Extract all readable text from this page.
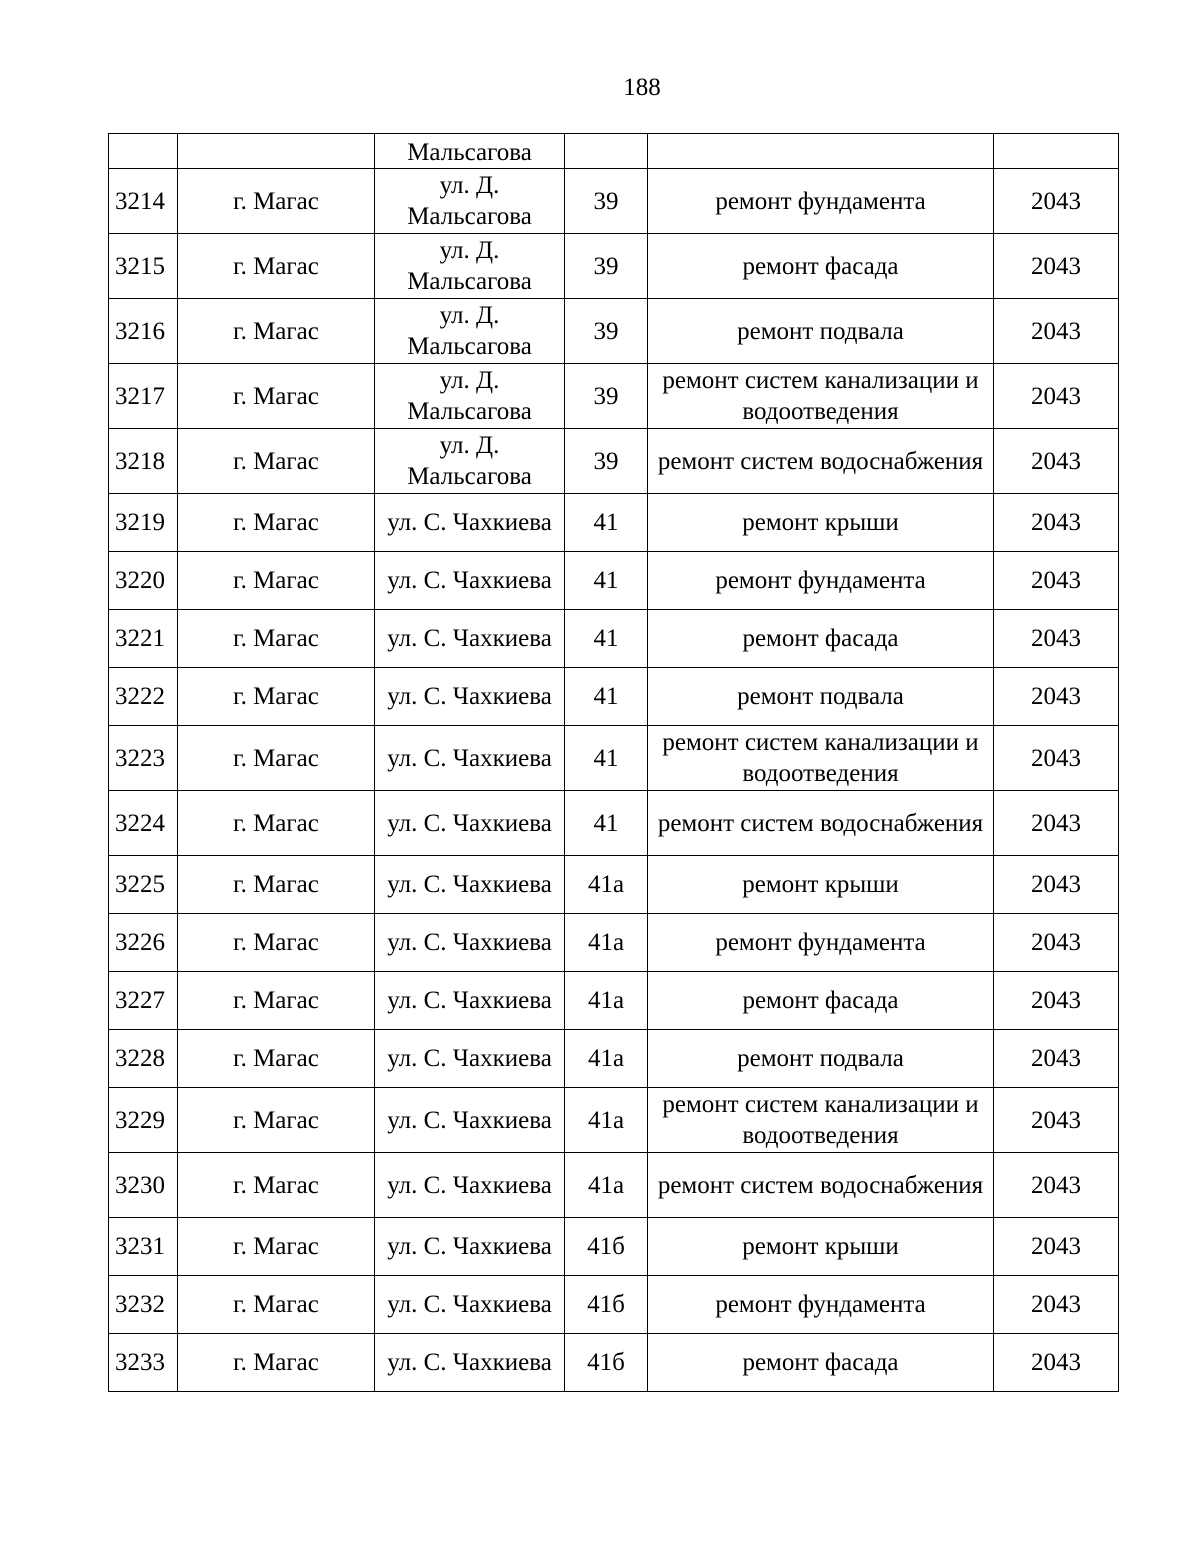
188
		Мальсагова			
3214	г. Магас	ул. Д. Мальсагова	39	ремонт фундамента	2043
3215	г. Магас	ул. Д. Мальсагова	39	ремонт фасада	2043
3216	г. Магас	ул. Д. Мальсагова	39	ремонт подвала	2043
3217	г. Магас	ул. Д. Мальсагова	39	ремонт систем канализации и водоотведения	2043
3218	г. Магас	ул. Д. Мальсагова	39	ремонт систем водоснабжения	2043
3219	г. Магас	ул. С. Чахкиева	41	ремонт крыши	2043
3220	г. Магас	ул. С. Чахкиева	41	ремонт фундамента	2043
3221	г. Магас	ул. С. Чахкиева	41	ремонт фасада	2043
3222	г. Магас	ул. С. Чахкиева	41	ремонт подвала	2043
3223	г. Магас	ул. С. Чахкиева	41	ремонт систем канализации и водоотведения	2043
3224	г. Магас	ул. С. Чахкиева	41	ремонт систем водоснабжения	2043
3225	г. Магас	ул. С. Чахкиева	41а	ремонт крыши	2043
3226	г. Магас	ул. С. Чахкиева	41а	ремонт фундамента	2043
3227	г. Магас	ул. С. Чахкиева	41а	ремонт фасада	2043
3228	г. Магас	ул. С. Чахкиева	41а	ремонт подвала	2043
3229	г. Магас	ул. С. Чахкиева	41а	ремонт систем канализации и водоотведения	2043
3230	г. Магас	ул. С. Чахкиева	41а	ремонт систем водоснабжения	2043
3231	г. Магас	ул. С. Чахкиева	41б	ремонт крыши	2043
3232	г. Магас	ул. С. Чахкиева	41б	ремонт фундамента	2043
3233	г. Магас	ул. С. Чахкиева	41б	ремонт фасада	2043
